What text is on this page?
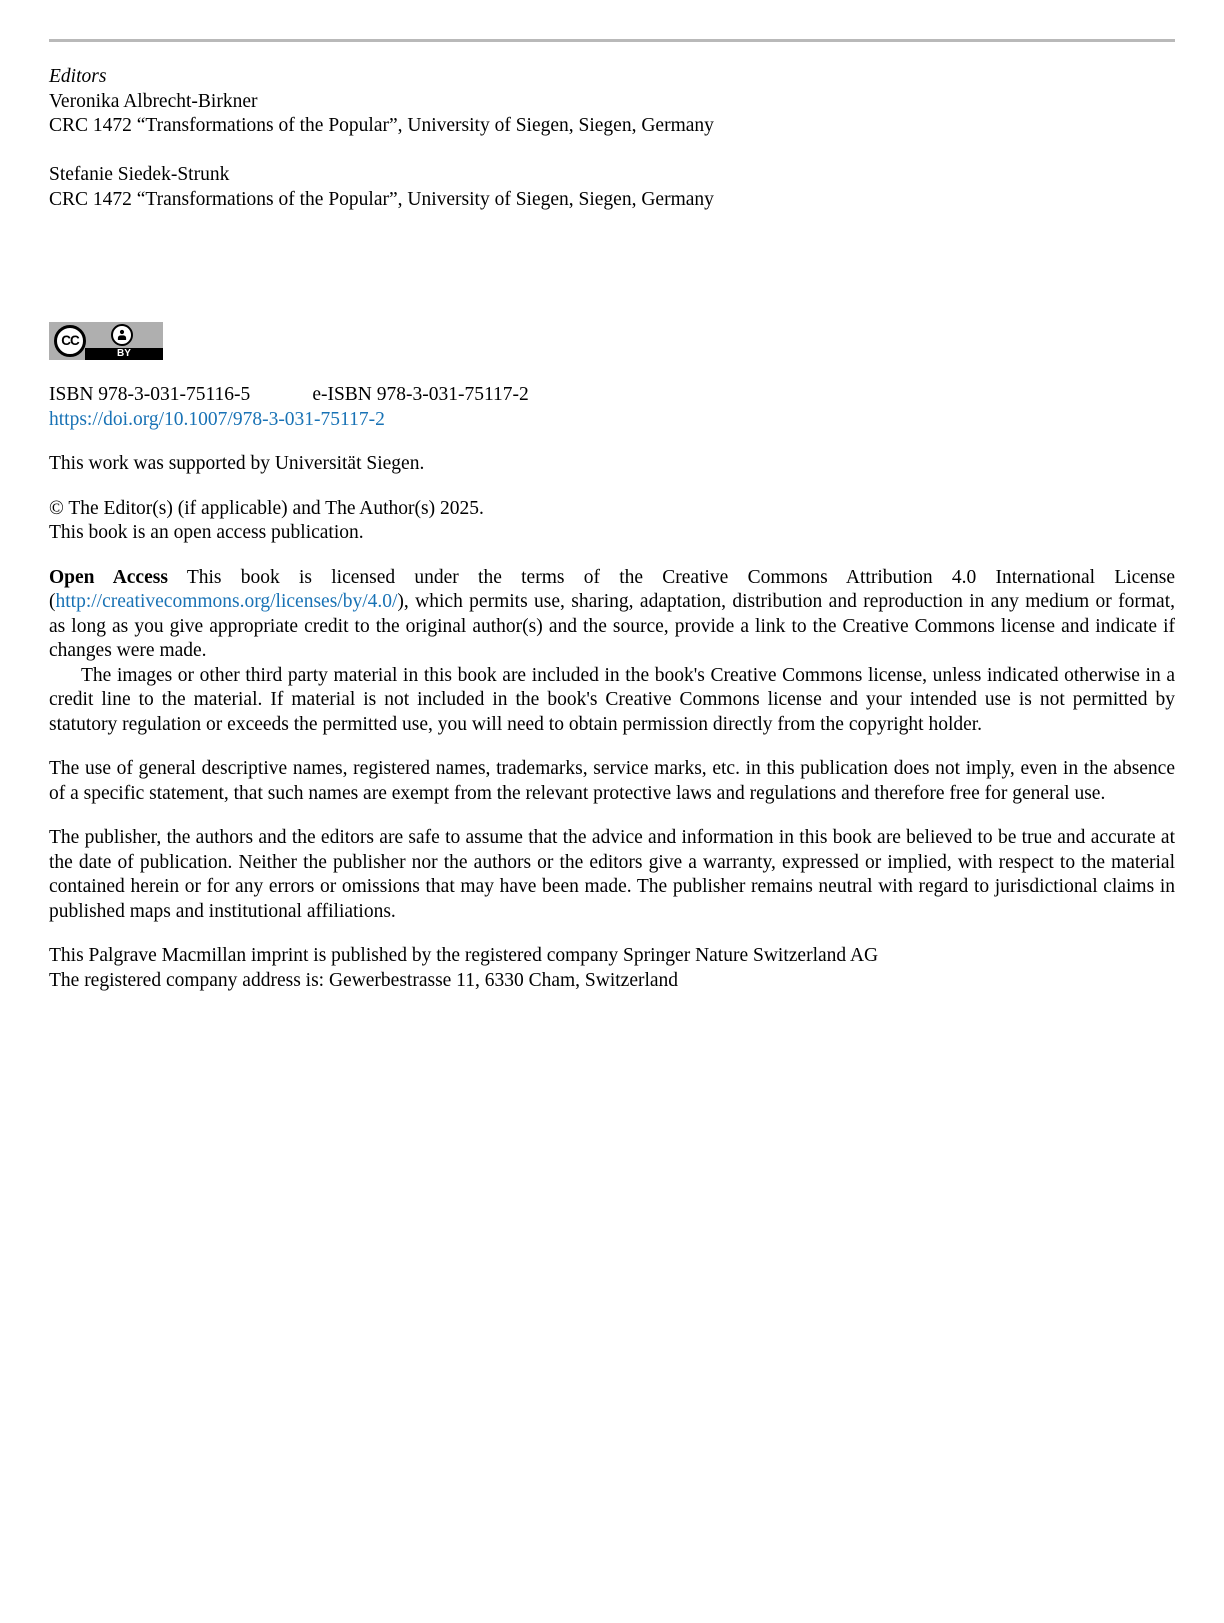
Editors
Veronika Albrecht-Birkner
CRC 1472 “Transformations of the Popular”, University of Siegen, Siegen, Germany
Stefanie Siedek-Strunk
CRC 1472 “Transformations of the Popular”, University of Siegen, Siegen, Germany
CC
BY
ISBN 978-3-031-75116-5	e-ISBN 978-3-031-75117-2
https://doi.org/10.1007/978-3-031-75117-2
This work was supported by Universität Siegen.
© The Editor(s) (if applicable) and The Author(s) 2025.
This book is an open access publication.

Open Access This book is licensed under the terms of the Creative Commons Attribution 4.0 International License (http://creativecommons.org/licenses/by/4.0/), which permits use, sharing, adaptation, distribution and reproduction in any medium or format, as long as you give appropriate credit to the original author(s) and the source, provide a link to the Creative Commons license and indicate if changes were made.

The images or other third party material in this book are included in the book's Creative Commons license, unless indicated otherwise in a credit line to the material. If material is not included in the book's Creative Commons license and your intended use is not permitted by statutory regulation or exceeds the permitted use, you will need to obtain permission directly from the copyright holder.

The use of general descriptive names, registered names, trademarks, service marks, etc. in this publication does not imply, even in the absence of a specific statement, that such names are exempt from the relevant protective laws and regulations and therefore free for general use.

The publisher, the authors and the editors are safe to assume that the advice and information in this book are believed to be true and accurate at the date of publication. Neither the publisher nor the authors or the editors give a warranty, expressed or implied, with respect to the material contained herein or for any errors or omissions that may have been made. The publisher remains neutral with regard to jurisdictional claims in published maps and institutional affiliations.

This Palgrave Macmillan imprint is published by the registered company Springer Nature Switzerland AG
The registered company address is: Gewerbestrasse 11, 6330 Cham, Switzerland
